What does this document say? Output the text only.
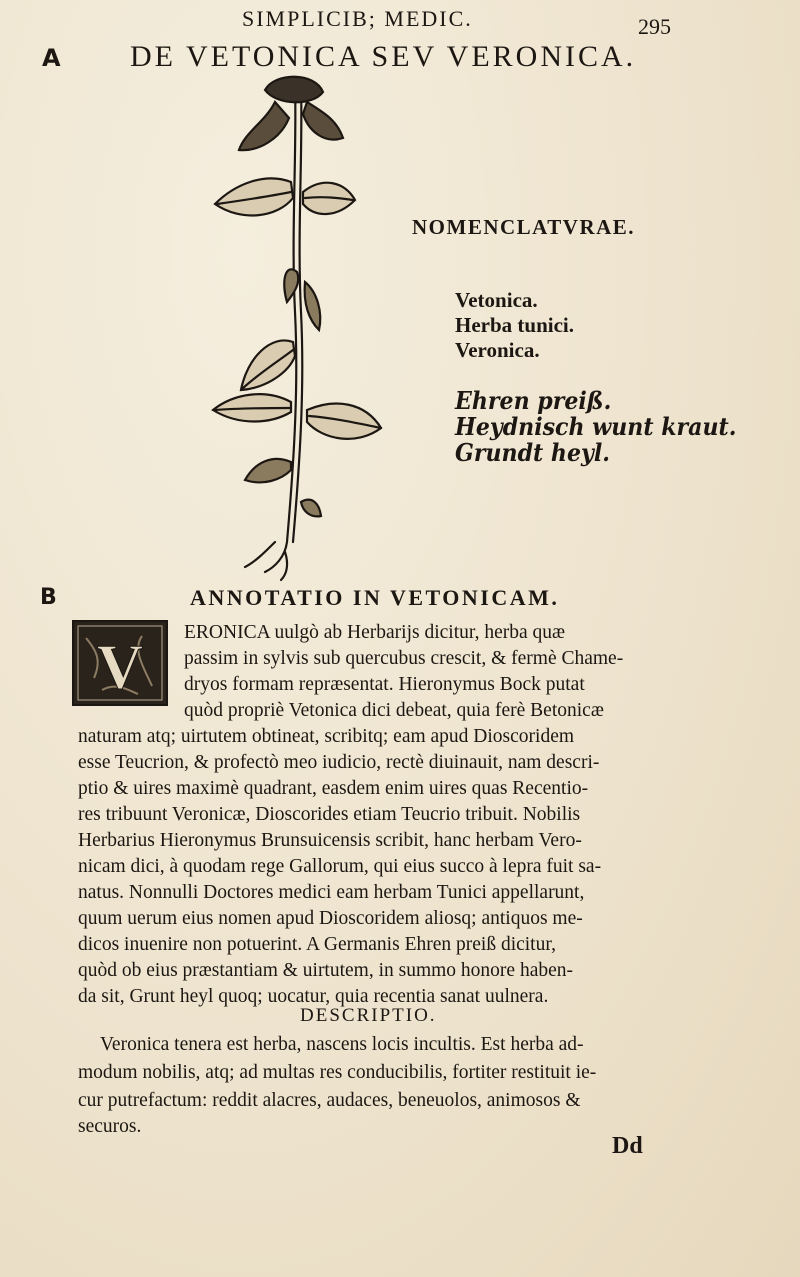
SIMPLICIB; MEDIC.	295
A DE VETONICA SEV VERONICA.
NOMENCLATVRAE.
Vetonica.
Herba tunici.
Veronica.
Ehren preiß.
Heydnisch wunt kraut.
Grundt heyl.
B	ANNOTATIO IN VETONICAM.
V ERONICA uulgò ab Herbarijs dicitur, herba quæ
passim in sylvis sub quercubus crescit, & fermè Chame-
dryos formam repræsentat. Hieronymus Bock putat
quòd propriè Vetonica dici debeat, quia ferè Betonicæ
naturam atq; uirtutem obtineat, scribitq; eam apud Dioscoridem
esse Teucrion, & profectò meo iudicio, rectè diuinauit, nam descri-
ptio & uires maximè quadrant, easdem enim uires quas Recentio-
res tribuunt Veronicæ, Dioscorides etiam Teucrio tribuit. Nobilis
Herbarius Hieronymus Brunsuicensis scribit, hanc herbam Vero-
nicam dici, à quodam rege Gallorum, qui eius succo à lepra fuit sa-
natus. Nonnulli Doctores medici eam herbam Tunici appellarunt,
quum uerum eius nomen apud Dioscoridem aliosq; antiquos me-
dicos inuenire non potuerint. A Germanis Ehren preiß dicitur,
quòd ob eius præstantiam & uirtutem, in summo honore haben-
da sit, Grunt heyl quoq; uocatur, quia recentia sanat uulnera.
DESCRIPTIO.
Veronica tenera est herba, nascens locis incultis. Est herba ad-
modum nobilis, atq; ad multas res conducibilis, fortiter restituit ie-
cur putrefactum: reddit alacres, audaces, beneuolos, animosos &
securos.
Dd
